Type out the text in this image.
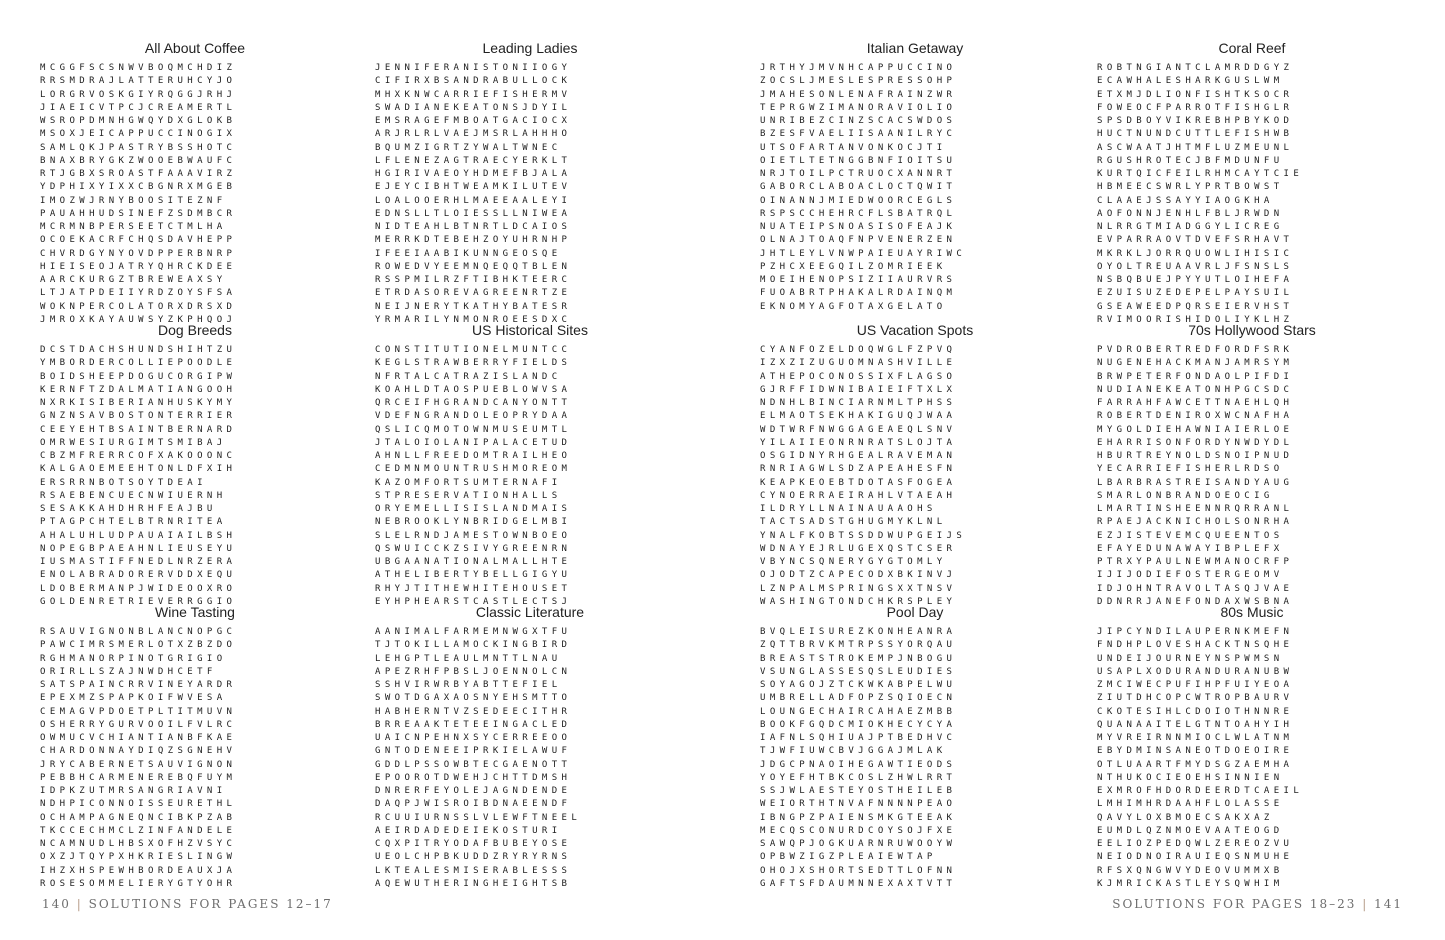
All About Coffee
MCGGFSCSNWVBOQMCHDIZ
RRSMDRAJLATTERUHCYJO
LORGRVOSKGIYRQGGJRHJ
JIAEICVTPCJCREAMERTL
WSROPDMNHGWQYDXGLOKB
MSOXJEICAPPUCCINOGIX
SAMLQKJPASTRYBSSHOTC
BNAXBRYGKZWOOEBWAUFC
RTJGBXSROASTFAAAVIRZ
YDPHIXYIXXCBGNRXMGEB
IMOZWJRNYBOOSITEZNF
PAUAHHUDSINEFZSDMBCR
MCRMNBPERSEETCTMLHA
OCOEKACRFCHQSDAVHEPP
CHVRDGYNYOVDPPERBNRP
HIEISEOJATRYQHRCKDEE
AARCKURGZTBREWEAXSY
LTJATPDEIIYRDZOYSFSA
WOKNPERCOLATORXDRSXD
JMROXKAYAUWSYZKPHQOJ
Leading Ladies
JENNIFERANISTONIIOGY
CIFIRXBSANDRABULLOCK
MHXKNWCARRIEFISHERMV
SWADIANEKEATONSJDYIL
EMSRAGEFMBOATGACIOCX
ARJRLRLVAEJMSRLAHHHO
BQUMZIGRTZYWALTWNEC
LFLENEZAGTRAECYERKLT
HGIRIVAEOYHDMEFBJALA
EJEYCIBHTWEAMKILUTEV
LOALOOERHLMAEEAALEYI
EDNSLLTLOIESSLLNIWEA
NIDTEAHLBTNRTLDCAIOS
MERRKDTEBEHZOYUHRNHP
IFEEIAABIKUNNGEOSQE
ROWEDVYEEMNQEQQTBLEN
RSSPMILRZFTIBHKTEERC
ETRDASOREVAGREENRTZE
NEIJNERYTKATHYBATESR
YRMARILYNMONROEESDXC
Dog Breeds
DCSTDACHSHUNDSHIHTZU
YMBORDERCOLLIEPOODLE
BOIDSHEEPDOGUCORGIPW
KERNFTZDALMATIANGOOH
NXRKISIBERIANHUSKYMY
GNZNSAVBOSTONTERRIER
CEEYEHTBSAINTBERNARD
OMRWESIURGIMTSMIBAJ
CBZMFRERRCOFXAKOOONC
KALGAOEMEEHTONLDFXIH
ERSRRNBOTSOYTDEAI
RSAEBENCUECNWIUERNH
SESAKKAHDHRHFEAJBU
PTAGPCHTELBTRNRITEA
AHALUHLUDPAUAIAILBSH
NOPEGBPAEAHNLIEUSEYU
IUSMASTIFFNEDLNRZERA
ENOLABRADORERVDDXEQU
LDOBERMANPJWIDEOOXRO
GOLDENRETRIEVERRGGIO
US Historical Sites
CONSTITUTIONELMUNTCC
KEGLSTRAWBERRYFIELDS
NFRTALCATRAZISLANDC
KOAHLDTAOSPUEBLOWVSA
QRCEIFHGRANDCANYONTT
VDEFNGRANDOLEOPRYDAA
QSLICQMOTOWNMUSEUMTL
JTALOIOLANIPALACETUD
AHNLLFREEDOMTRAILHEO
CEDMNMOUNTRUSHMOREOM
KAZOMFORTSUMTERNAFI
STPRESERVATIONHALLS
ORYEMELLISISLANDMAIS
NEBROOKLYNBRIDGELMBI
SLELRNDJAMESTOWNBOEO
QSWUICCKZSIVYGREENRN
UBGAANATIONALMALLHTE
ATHELIBERTYBELLGIGYU
RHYJTITHEWHITEHOUSET
EYHPHEARSTCASTLECTSJ
Wine Tasting
RSAUVIGNONBLANCNOPGC
PAWCIMRSMERLOTXZBZDO
RGHMANORPINOTGRIGIO
ORIRLLSZAJNWDHCETF
SATSPAINCRRVINEYARDR
EPEXMZSPAPKOIFWVESA
CEMAGVPDOETPLTITMUVN
OSHERRYGURVOOILFVLRC
OWMUCVCHIANTIANBFKAE
CHARDONNAYDIQZSGNEHV
JRYCABERNETSAUVIGNON
PEBBHCARMENEREBQFUYM
IDPKZUTMRSANGRIAVNI
NDHPICONNOISSEURETHL
OCHAMPAGNEQNCIBKPZAB
TKCCECHMCLZINFANDELE
NCAMNUDLHBSXOFHZVSYC
OXZJTQYPXHKRIESLINGW
IHZXHSPEWHBORDEAUXJA
ROSESOMMELIERYGTYOHR
Classic Literature
AANIMALFARMEMNWGXTFU
TJTOKILLAMOCKINGBIRD
LEHGPTLEAULMNTTLNAU
APEZRHFPBSLJOENNOLCN
SSHVIRWRBYABTTEFIEL
SWOTDGAXAOSNYEHSMTTO
HABHERNTVZSEDEECITHR
BRREAAKTETEEINGACLED
UAICNPEHNXSYCERREEOO
GNTODENEEIPRKIELAWUF
GDDLPSSOWBTECGAENOTT
EPOOROTDWEHJCHTTDMSH
DNRERFEYOLEJAGNDENDE
DAQPJWISROIBDNAEENDF
RCUUIURNSSLVLEWFTNEEL
AEIRDADEDEIEKOSTURI
CQXPITRYODAFBUBEYOSE
UEOLCHPBKUDDZRYRYRNS
LKTEALESMISERABLESSS
AQEWUTHERINGHEIGHTSB
Italian Getaway
JRTHYJMVNHCAPPUCCINO
ZOCSLJMESLESPRESSOHP
JMAHESONLENAFRAINZWR
TEPRGWZIMANORAVIOLIO
UNRIBEZCINZSCACSWDOS
BZESFVAELIISAANILRYC
UTSOFARTANVONKOCJTI
OIETLTETNGGBNFIOITSU
NRJTOILPCTRUOCXANNRT
GABORCLABOACLOCTQWIT
OINANNJMIEDWOORCEGLS
RSPSCCHEHRCFLSBATRQL
NUATEIPSNOASISOFEAJK
OLNAJTOAQFNPVENERZEN
JHTLEYLVNWPAIEUAYRIWC
PZHCXEEGQILZOMRIEEK
MOEIHENOPSIZIIAURVRS
FUOABRTPHAKALRDAINQM
EKNOMYAGFOTAXGELATO
Coral Reef
ROBTNGIANTCLAMRDDGYZ
ECAWHALESHARKGUSLWM
ETXMJDLIONFISHTKSOCR
FOWEOCFPARROTFISHGLR
SPSDBOYVIKREBHPBYKOD
HUCTNUNDCUTTLEFISHWB
ASCWAATJHTMFLUZMEUNL
RGUSHROTECJBFMDUNFU
KURTQICFEILRHMCAYTCIE
HBMEECSWRLYPRTBOWST
CLAAEJSSAYYIAOGKHA
AOFONNJENHLFBLJRWDN
NLRRGTMIADGGYLICREG
EVPARRAOVTDVEFSRHAVT
MKRKLJORRQUOWLIHISIC
OYOLTREUAAVRLJFSNSLS
NSBQBUEJPYYUTLOIHEFA
EZUISUZEDEPELPAYSUIL
GSEAWEEDPQRSEIERVHST
RVIMOORISHIDOLIYKLHZ
US Vacation Spots
CYANFOZELDOQWGLFZPVQ
IZXZIZUGUOMNASHVILLE
ATHEPOCONOSSIXFLAGSO
GJRFFIDWNIBAIEIFTXLX
NDNHLBINCIARNMLTPHSS
ELMAOTSEKHAKIGUQJWAA
WDTWRFNWGGAGEAEQLSNV
YILAIIEONRNRATSLOJTA
OSGIDNYRHGEALRAVEMAN
RNRIAGWLSDZAPEAHESFN
KEAPKEOEBTDOTASFOGEA
CYNOERRAEIRAHLVTAEAH
ILDRYLLNAINAUAAOHS
TACTSADSTGHUGMYKLNL
YNALFKOBTSSDDWUPGEIJS
WDNAYEJRLUGEXQSTCSER
VBYNCSQNERYGYGTOMLY
OJODTZCAPECODXBKINVJ
LZNPALMSPRINGSXXTNSV
WASHINGTONDCHKRSPLEY
Pool Day
BVQLEISUREZKONHEANRA
ZQTTBRVKMTRPSSYORQAU
BREASTSTROKEMPJNBOGU
VSUNGLASSESQSLEUDIES
SOYAGOJZTCKWKABPELWU
UMBRELLADFOPZSQIOECN
LOUNGECHAIRCAHAEZMBB
BOOKFGQDCMIOKHECYCYA
IAFNLSQHIUAJPTBEDHVC
TJWFIUWCBVJGGAJMLAK
JDGCPNAOIHEGAWTIEODS
YOYEFHTBKCOSLZHWLRRT
SSJWLAESTEYOSTHEILEB
WEIORTHTNVAFNNNNPEAO
IBNGPZPAIENSMKGTEEAK
MECQSCONURDCOYSOJFXE
SAWQPJOGKUARNRUWOOYW
OPBWZIGZPLEAIEWTAP
OHOJXSHORTSEDTTLOFNN
GAFTSFDAUMNNEXAXTVTT
70s Hollywood Stars
PVDROBERTREDFORDFSRK
NUGENEHACKMANJAMRSYM
BRWPETERFONDAOLPIFDI
NUDIANEKEATONHPGCSDC
FARRAHFAWCETTNAEHLQH
ROBERTDENIROXWCNAFHA
MYGOLDIEHAWNIAIERLOE
EHARRISONFORDYNWDYDL
HBURTREYNOLDSNOIPNUD
YECARRIEFISHERLRDSO
LBARBRASTREISANDYAUG
SMARLONBRANDOEOCIG
LMARTINSHEENNRQRRANL
RPAEJACKNICHOLSONRHA
EZJISTEVEMCQUEENTOS
EFAYEDUNAWAYIBPLEFX
PTRXYPAULNEWMANOCRFP
IJIJODIEFOSTERGEOMV
IDJOHNTRAVOLTASQJVAE
DDNRRJANEFONDAXWSBNA
80s Music
JIPCYNDILAUPERNKMEFN
FNDHPLOVESHACKTNSQHE
UNDEIJOURNEYNSPWMSN
USAPLXODURANDURANUBW
ZMCIWECPUFIHPFUIYEOA
ZIUTDHCOPCWTROPBAURV
CKOTESIHLCDOIOTHNNRE
QUANAAITELGTNTOAHYIH
MYVREIRNNMIOCLWLATNM
EBYDMINSANEOTDOEOIRE
OTLUAARTFMYDSGZAEMHA
NTHUKOCIEOEHSINNIEN
EXMROFHDORDEERDTCAEIL
LMHIMHRDAAHFLOLASSE
QAVYLOXBMOECSAKXAZ
EUMDLQZNMOEVAATEOGD
EELIOZPEDQWLZEREOZVU
NEIODNOIRAUIEQSNMUHE
RFSXQNGWVYDEOVUMMXB
KJMRICKASTLEYSQWHIM
140 | SOLUTIONS FOR PAGES 12–17	SOLUTIONS FOR PAGES 18–23 | 141
